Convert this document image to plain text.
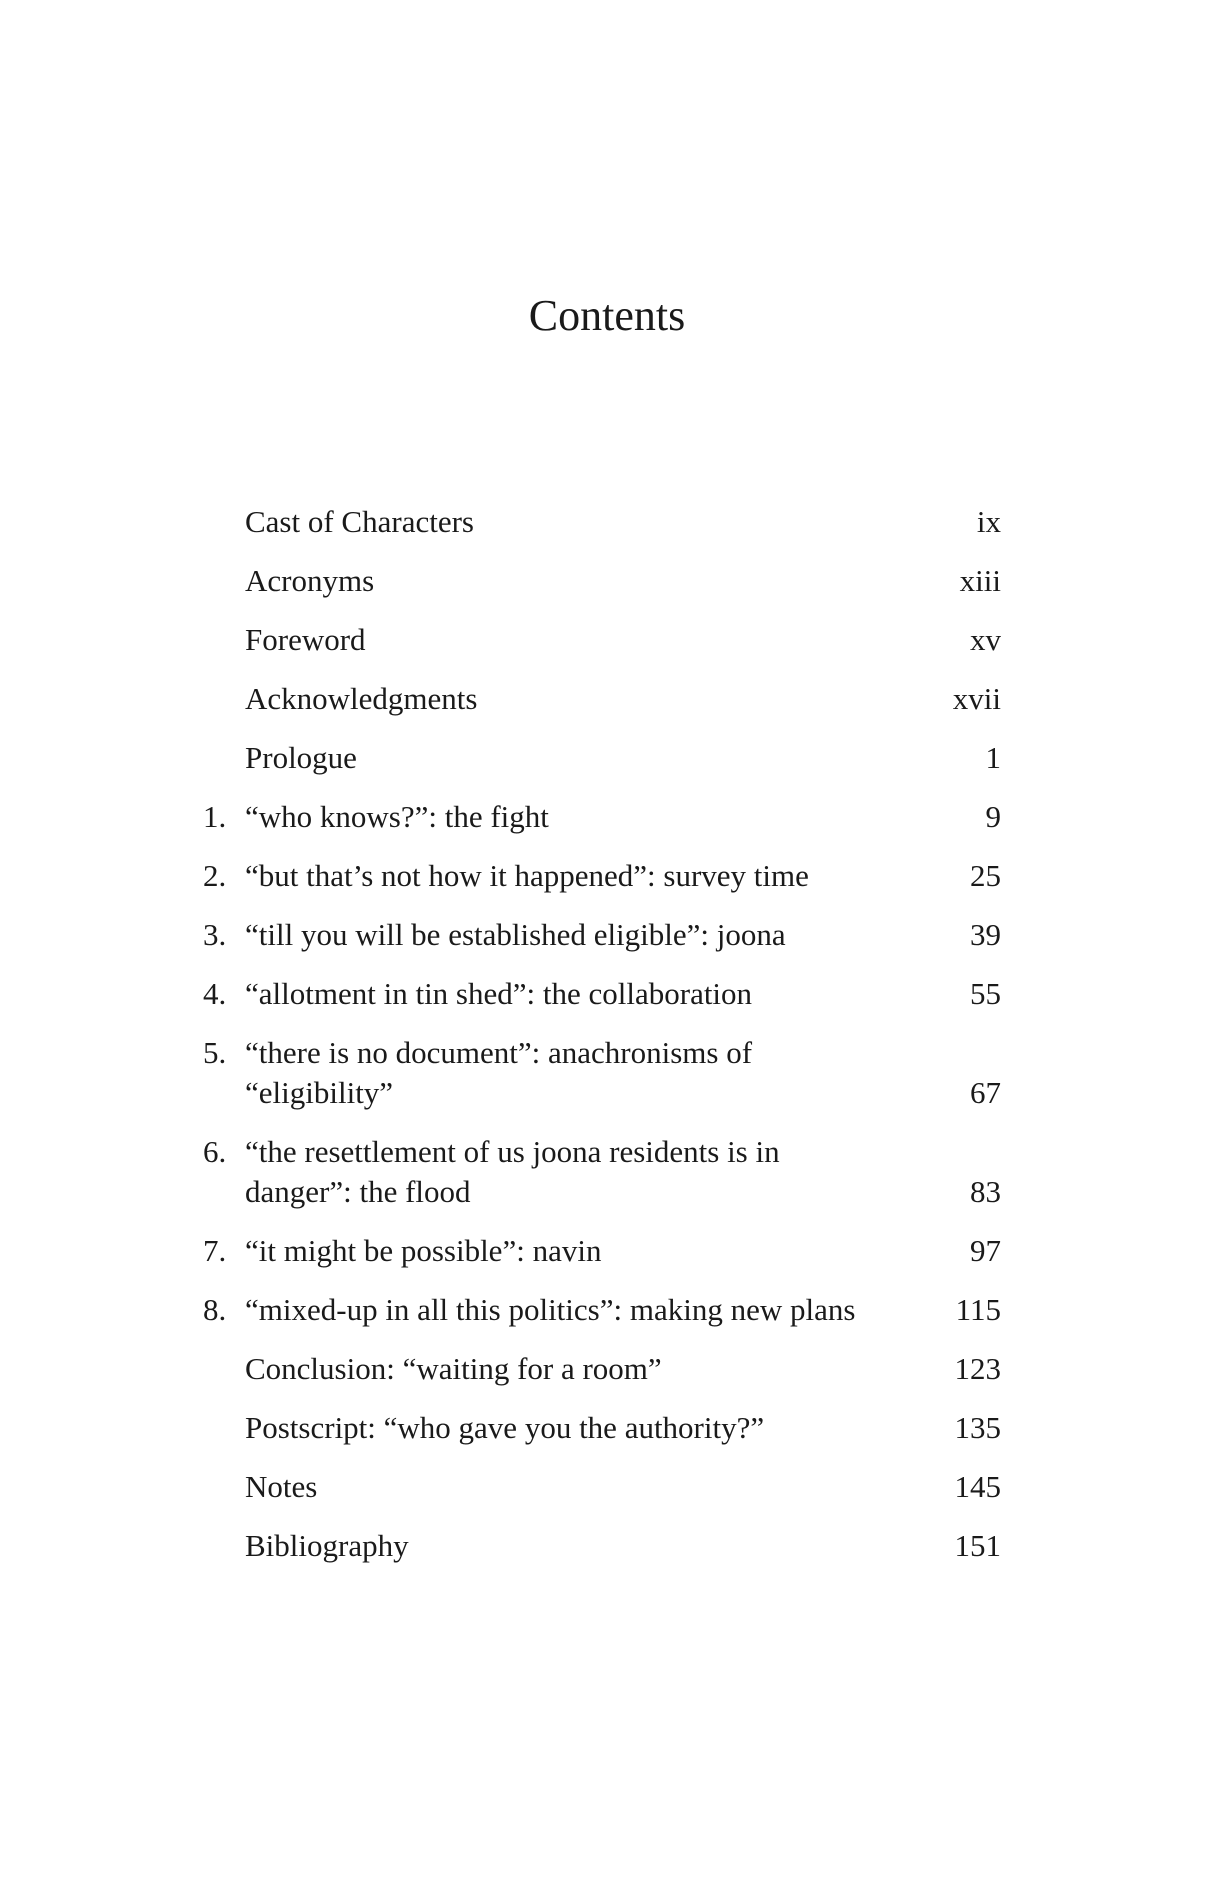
Contents
Cast of Characters	ix
Acronyms	xiii
Foreword	xv
Acknowledgments	xvii
Prologue	1
1. “who knows?”: the fight	9
2. “but that’s not how it happened”: survey time	25
3. “till you will be established eligible”: joona	39
4. “allotment in tin shed”: the collaboration	55
5. “there is no document”: anachronisms of
“eligibility”	67
6. “the resettlement of us joona residents is in
danger”: the flood	83
7. “it might be possible”: navin	97
8. “mixed-up in all this politics”: making new plans	115
Conclusion: “waiting for a room”	123
Postscript: “who gave you the authority?”	135
Notes	145
Bibliography	151
